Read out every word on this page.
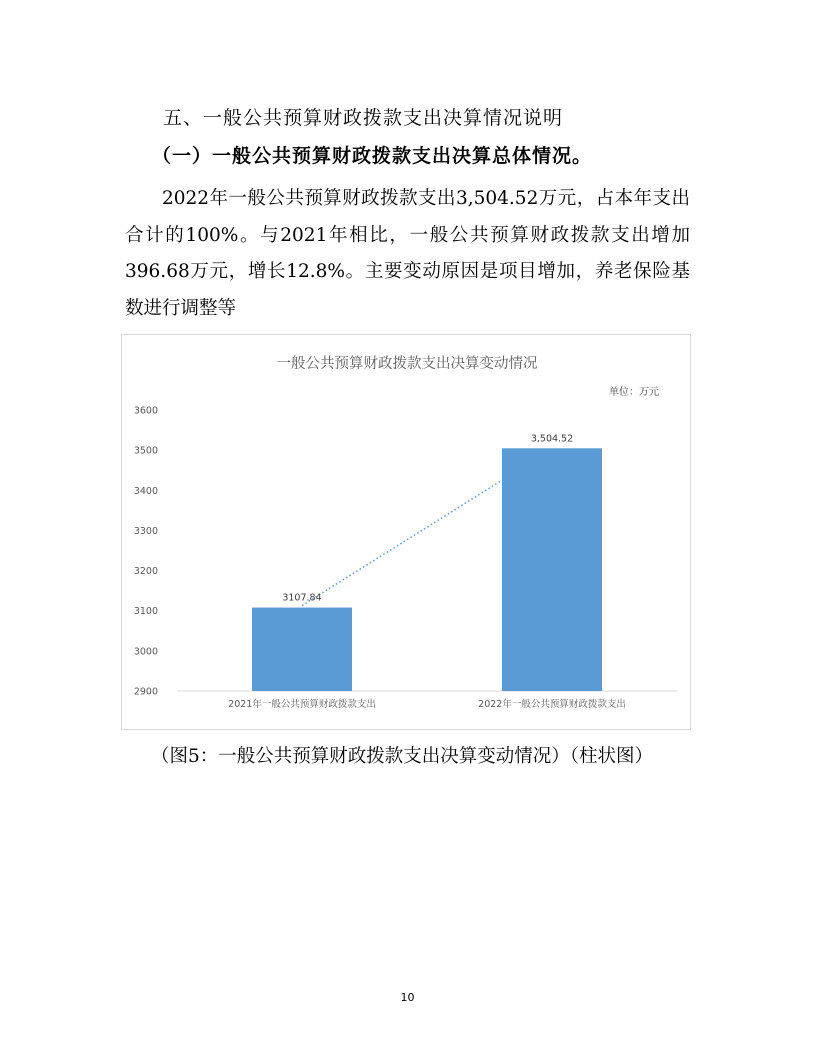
五、一般公共预算财政拨款支出决算情况说明
（一）一般公共预算财政拨款支出决算总体情况。
2022年一般公共预算财政拨款支出3,504.52万元，占本年支出合计的100%。与2021年相比，一般公共预算财政拨款支出增加396.68万元，增长12.8%。主要变动原因是项目增加，养老保险基数进行调整等
一般公共预算财政拨款支出决算变动情况
单位：万元
2900
3000
3100
3200
3300
3400
3500
3600
3107.84
3,504.52
2021年一般公共预算财政拨款支出	2022年一般公共预算财政拨款支出
（图5：一般公共预算财政拨款支出决算变动情况）（柱状图）
10
